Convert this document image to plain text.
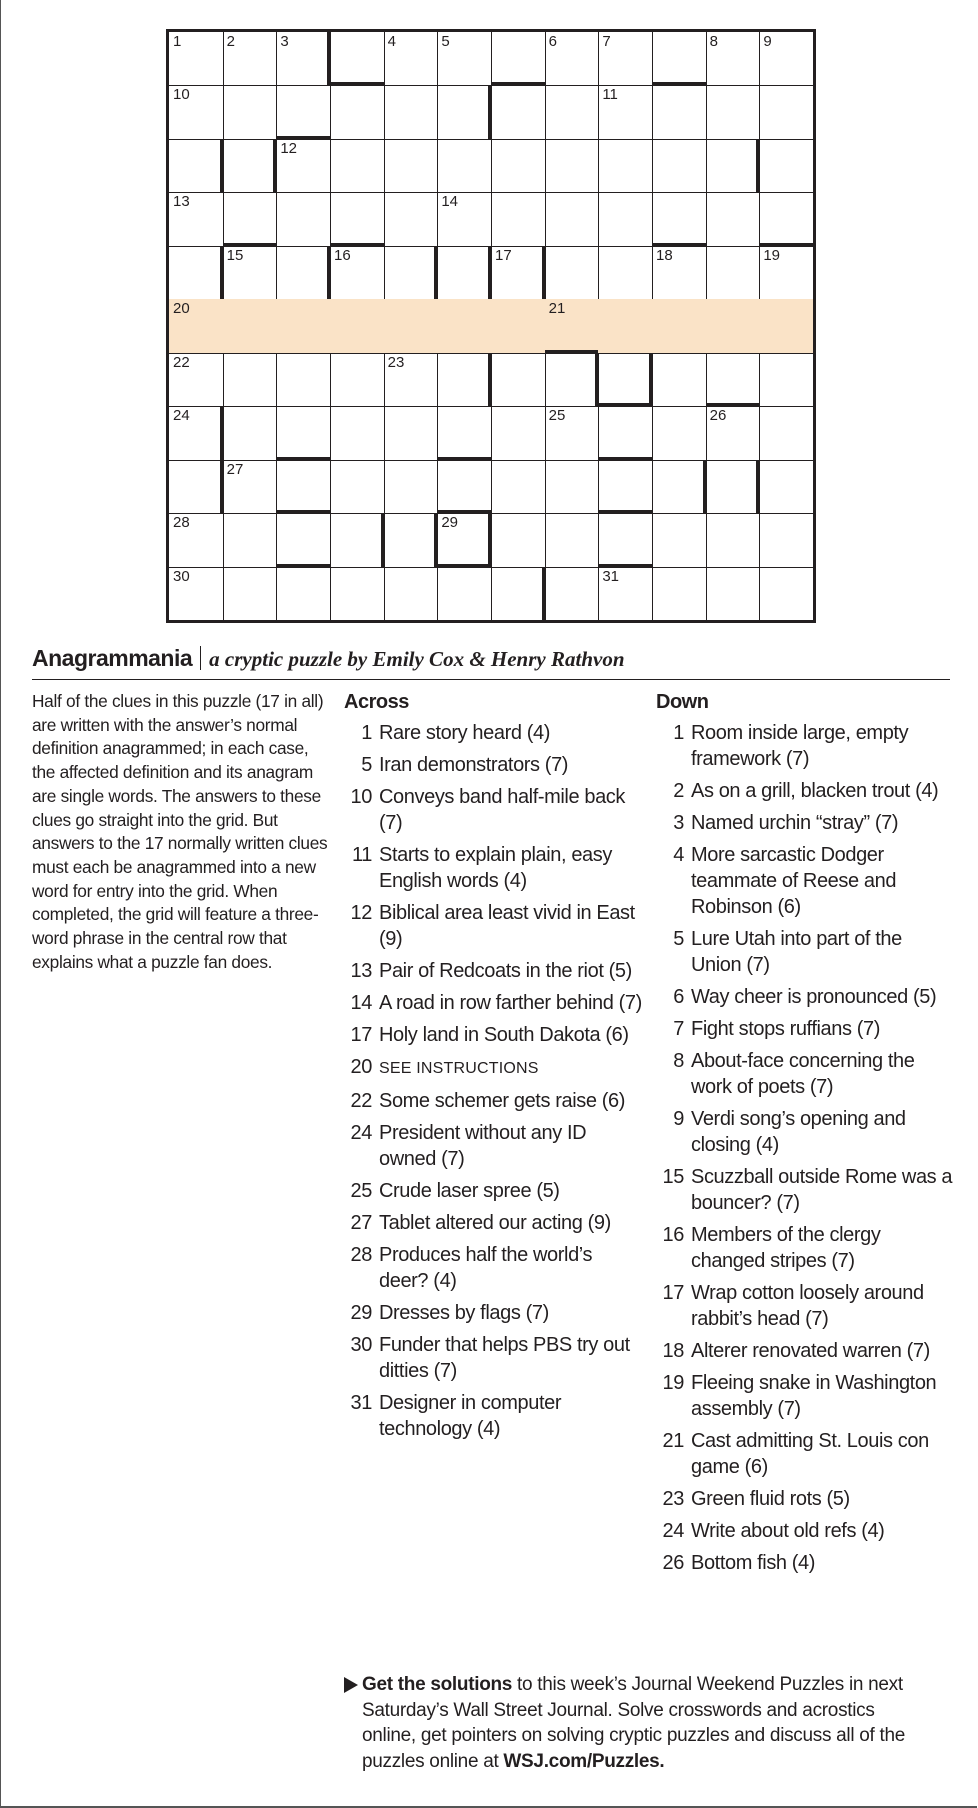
1	2	3	4	5	6	7	8	9
10	11
12
13	14
15	16	17	18	19
20	21
22	23
24	25	26
27
28	29
30	31
Anagrammania a cryptic puzzle by Emily Cox & Henry Rathvon
Half of the clues in this puzzle (17 in all) are written with the answer’s normal definition anagrammed; in each case, the affected definition and its anagram are single words. The answers to these clues go straight into the grid. But answers to the 17 normally written clues must each be anagrammed into a new word for entry into the grid. When completed, the grid will feature a three-word phrase in the central row that explains what a puzzle fan does.
Across
1 Rare story heard (4)
5 Iran demonstrators (7)
10 Conveys band half-mile back (7)
11 Starts to explain plain, easy English words (4)
12 Biblical area least vivid in East (9)
13 Pair of Redcoats in the riot (5)
14 A road in row farther behind (7)
17 Holy land in South Dakota (6)
20 SEE INSTRUCTIONS
22 Some schemer gets raise (6)
24 President without any ID owned (7)
25 Crude laser spree (5)
27 Tablet altered our acting (9)
28 Produces half the world’s deer? (4)
29 Dresses by flags (7)
30 Funder that helps PBS try out ditties (7)
31 Designer in computer technology (4)
Down
1 Room inside large, empty framework (7)
2 As on a grill, blacken trout (4)
3 Named urchin “stray” (7)
4 More sarcastic Dodger teammate of Reese and Robinson (6)
5 Lure Utah into part of the Union (7)
6 Way cheer is pronounced (5)
7 Fight stops ruffians (7)
8 About-face concerning the work of poets (7)
9 Verdi song’s opening and closing (4)
15 Scuzzball outside Rome was a bouncer? (7)
16 Members of the clergy changed stripes (7)
17 Wrap cotton loosely around rabbit’s head (7)
18 Alterer renovated warren (7)
19 Fleeing snake in Washington assembly (7)
21 Cast admitting St. Louis con game (6)
23 Green fluid rots (5)
24 Write about old refs (4)
26 Bottom fish (4)
Get the solutions to this week’s Journal Weekend Puzzles in next
Saturday’s Wall Street Journal. Solve crosswords and acrostics
online, get pointers on solving cryptic puzzles and discuss all of the
puzzles online at WSJ.com/Puzzles.
